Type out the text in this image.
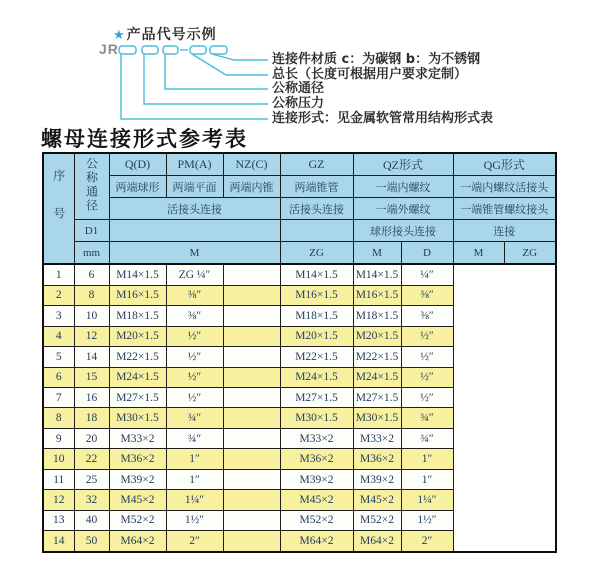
★产品代号示例
JR
连接件材质 c：为碳钢 b：为不锈钢
总长（长度可根据用户要求定制）
公称通径
公称压力
连接形式：见金属软管常用结构形式表
螺母连接形式参考表
序号	公称通径	Q(D)	PM(A)	NZ(C)	GZ	QZ形式		QG形式	
		两端球形	两端平面	两端内锥	两端锥管	一端内螺纹		一端内螺纹活接头	
		活接头连接			活接头连接	一端外螺纹		一端锥管螺纹接头	
	D1					球形接头连接		连接	
	mm	M			ZG	M	D	M	ZG
1	6	M14×1.5	ZG ¼″		M14×1.5	M14×1.5	¼″		
2	8	M16×1.5	⅜″		M16×1.5	M16×1.5	⅜″		
3	10	M18×1.5	⅜″		M18×1.5	M18×1.5	⅜″		
4	12	M20×1.5	½″		M20×1.5	M20×1.5	½″		
5	14	M22×1.5	½″		M22×1.5	M22×1.5	½″		
6	15	M24×1.5	½″		M24×1.5	M24×1.5	½″		
7	16	M27×1.5	½″		M27×1.5	M27×1.5	½″		
8	18	M30×1.5	¾″		M30×1.5	M30×1.5	¾″		
9	20	M33×2	¾″		M33×2	M33×2	¾″		
10	22	M36×2	1″		M36×2	M36×2	1″		
11	25	M39×2	1″		M39×2	M39×2	1″		
12	32	M45×2	1¼″		M45×2	M45×2	1¼″		
13	40	M52×2	1½″		M52×2	M52×2	1½″		
14	50	M64×2	2″		M64×2	M64×2	2″		
